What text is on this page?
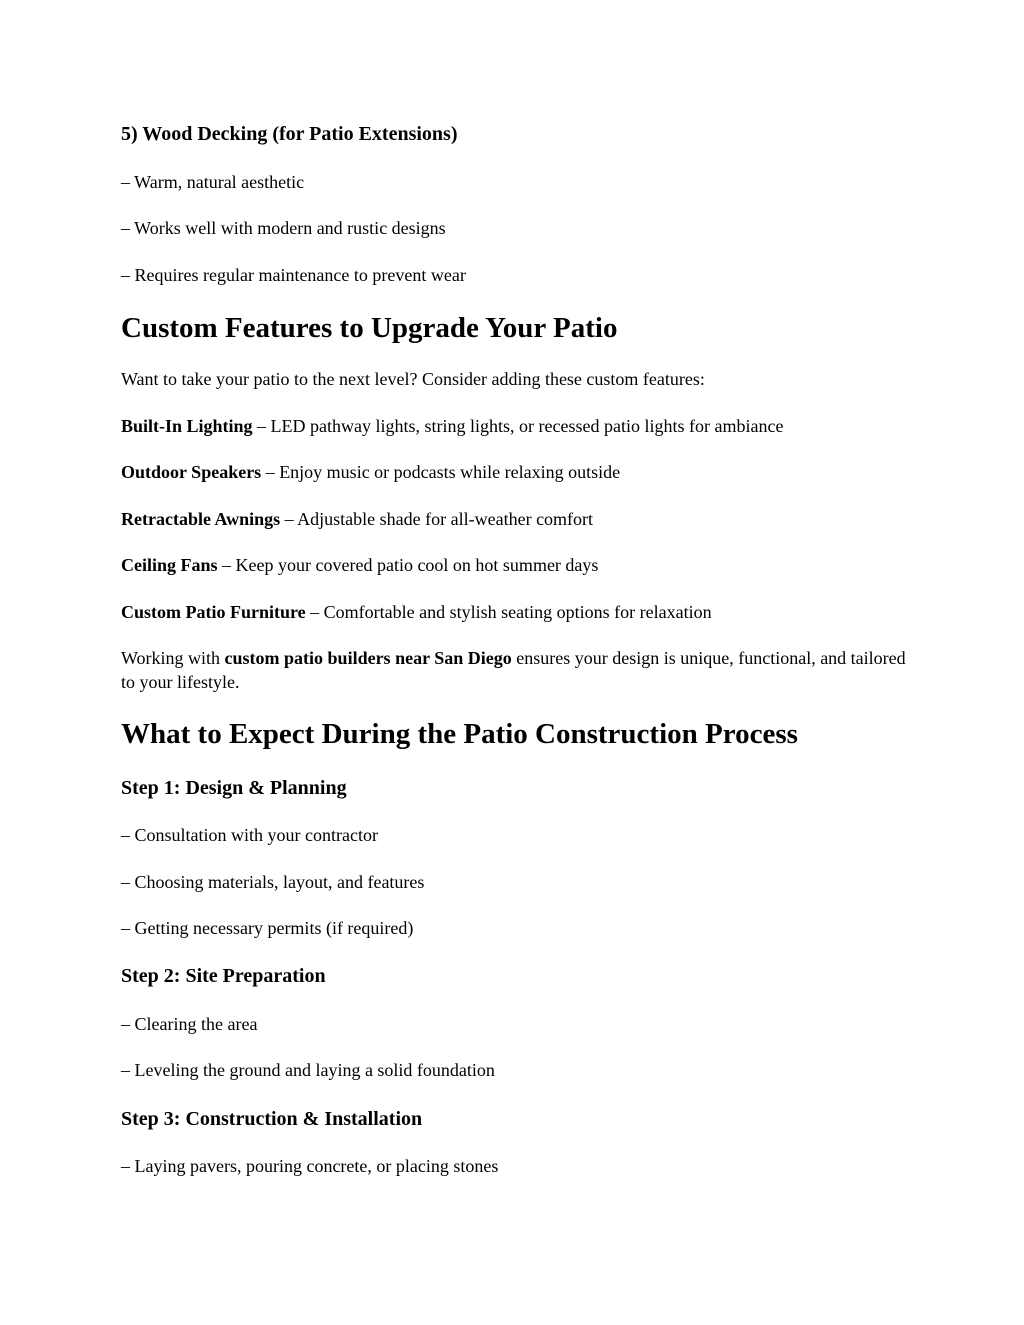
5) Wood Decking (for Patio Extensions)
– Warm, natural aesthetic
– Works well with modern and rustic designs
– Requires regular maintenance to prevent wear
Custom Features to Upgrade Your Patio
Want to take your patio to the next level? Consider adding these custom features:
Built-In Lighting – LED pathway lights, string lights, or recessed patio lights for ambiance
Outdoor Speakers – Enjoy music or podcasts while relaxing outside
Retractable Awnings – Adjustable shade for all-weather comfort
Ceiling Fans – Keep your covered patio cool on hot summer days
Custom Patio Furniture – Comfortable and stylish seating options for relaxation
Working with custom patio builders near San Diego ensures your design is unique, functional, and tailored to your lifestyle.
What to Expect During the Patio Construction Process
Step 1: Design & Planning
– Consultation with your contractor
– Choosing materials, layout, and features
– Getting necessary permits (if required)
Step 2: Site Preparation
– Clearing the area
– Leveling the ground and laying a solid foundation
Step 3: Construction & Installation
– Laying pavers, pouring concrete, or placing stones
